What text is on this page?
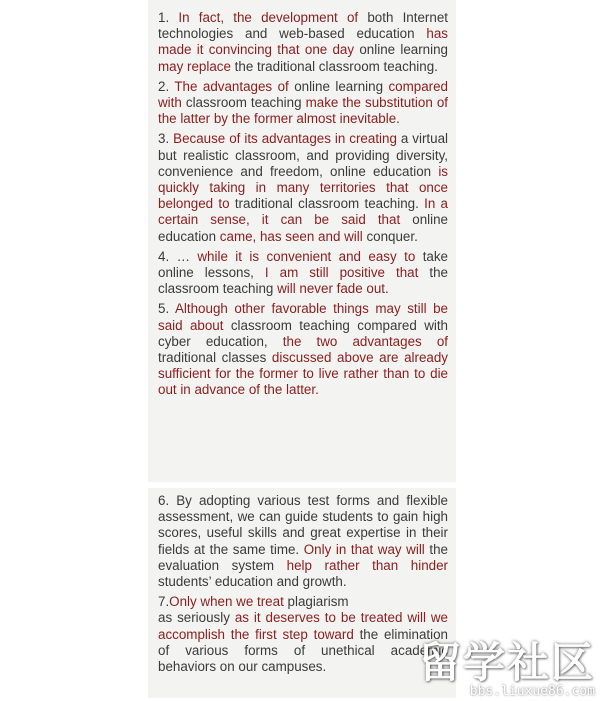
1. In fact, the development of both Internet technologies and web-based education has made it convincing that one day online learning may replace the traditional classroom teaching.

2. The advantages of online learning compared with classroom teaching make the substitution of the latter by the former almost inevitable.

3. Because of its advantages in creating a virtual but realistic classroom, and providing diversity, convenience and freedom, online education is quickly taking in many territories that once belonged to traditional classroom teaching. In a certain sense, it can be said that online education came, has seen and will conquer.

4. … while it is convenient and easy to take online lessons, I am still positive that the classroom teaching will never fade out.

5. Although other favorable things may still be said about classroom teaching compared with cyber education, the two advantages of traditional classes discussed above are already sufficient for the former to live rather than to die out in advance of the latter.

6. By adopting various test forms and flexible assessment, we can guide students to gain high scores, useful skills and great expertise in their fields at the same time. Only in that way will the evaluation system help rather than hinder students’ education and growth.

7.Only when we treat plagiarism
as seriously as it deserves to be treated will we accomplish the first step toward the elimination of various forms of unethical academic behaviors on our campuses.	留学社区
bbs.liuxue86.com
